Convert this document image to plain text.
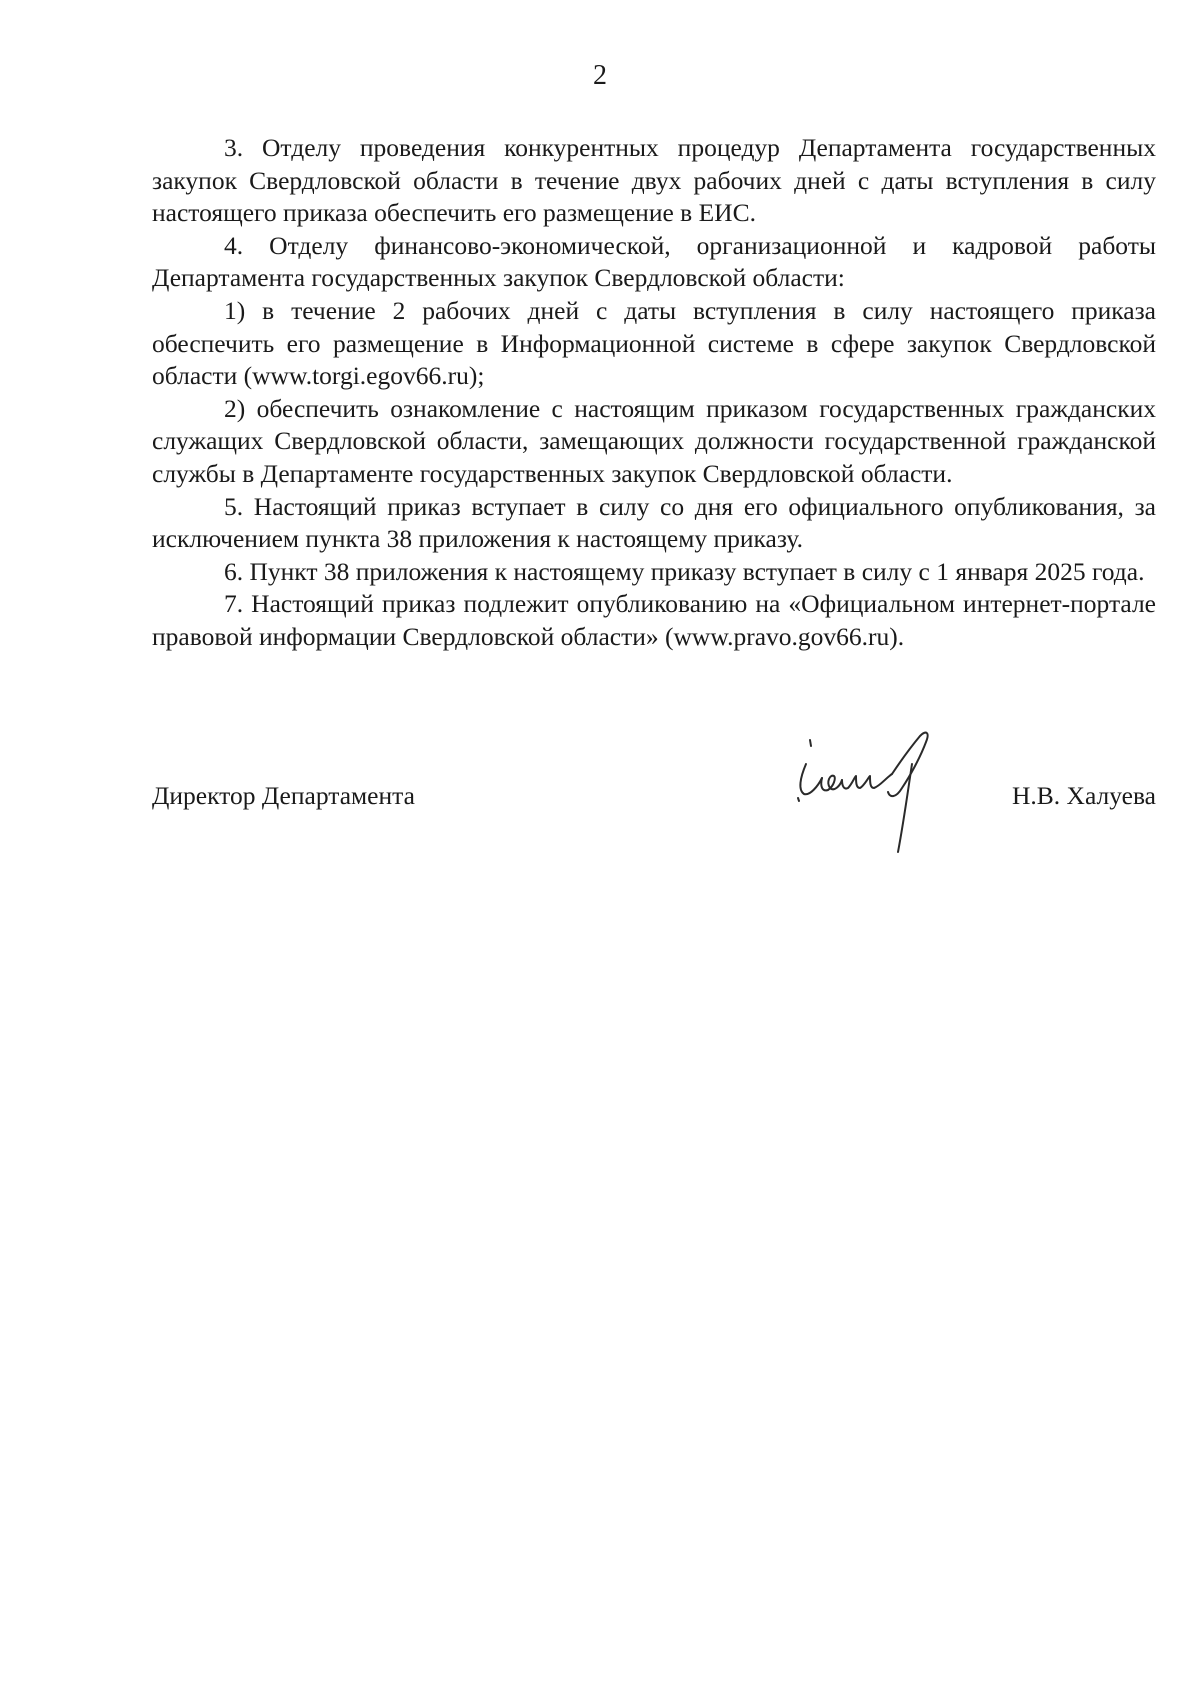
2

3. Отделу проведения конкурентных процедур Департамента государственных закупок Свердловской области в течение двух рабочих дней с даты вступления в силу настоящего приказа обеспечить его размещение в ЕИС.

4. Отделу финансово-экономической, организационной и кадровой работы Департамента государственных закупок Свердловской области:

1) в течение 2 рабочих дней с даты вступления в силу настоящего приказа обеспечить его размещение в Информационной системе в сфере закупок Свердловской области (www.torgi.egov66.ru);

2) обеспечить ознакомление с настоящим приказом государственных гражданских служащих Свердловской области, замещающих должности государственной гражданской службы в Департаменте государственных закупок Свердловской области.

5. Настоящий приказ вступает в силу со дня его официального опубликования, за исключением пункта 38 приложения к настоящему приказу.

6. Пункт 38 приложения к настоящему приказу вступает в силу с 1 января 2025 года.

7. Настоящий приказ подлежит опубликованию на «Официальном интернет-портале правовой информации Свердловской области» (www.pravo.gov66.ru).

Директор Департамента	Н.В. Халуева
